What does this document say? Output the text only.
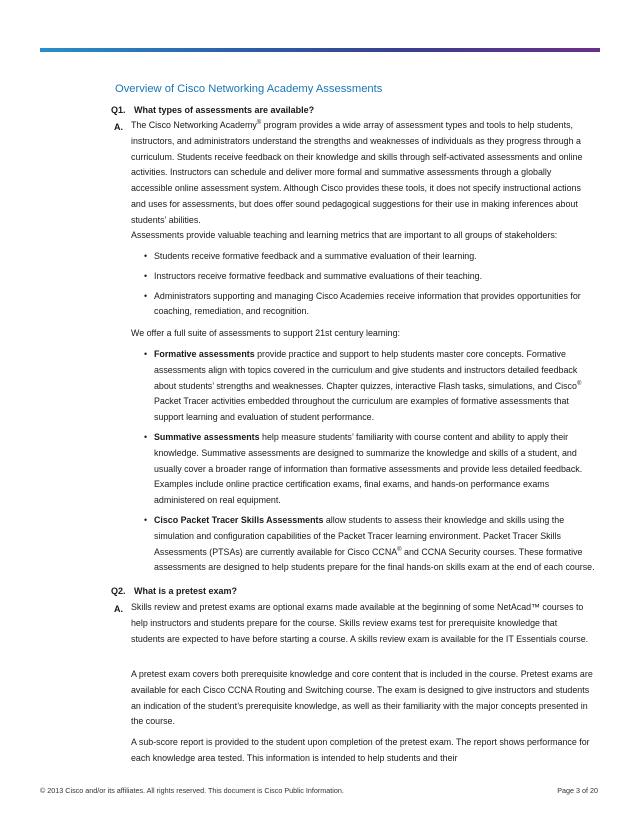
Overview of Cisco Networking Academy Assessments
Q1. What types of assessments are available?
A. The Cisco Networking Academy® program provides a wide array of assessment types and tools to help students, instructors, and administrators understand the strengths and weaknesses of individuals as they progress through a curriculum. Students receive feedback on their knowledge and skills through self-activated assessments and online activities. Instructors can schedule and deliver more formal and summative assessments through a globally accessible online assessment system. Although Cisco provides these tools, it does not specify instructional actions and uses for assessments, but does offer sound pedagogical suggestions for their use in making inferences about students’ abilities.
Assessments provide valuable teaching and learning metrics that are important to all groups of stakeholders:
• Students receive formative feedback and a summative evaluation of their learning.
• Instructors receive formative feedback and summative evaluations of their teaching.
• Administrators supporting and managing Cisco Academies receive information that provides opportunities for coaching, remediation, and recognition.
We offer a full suite of assessments to support 21st century learning:
• Formative assessments provide practice and support to help students master core concepts. Formative assessments align with topics covered in the curriculum and give students and instructors detailed feedback about students’ strengths and weaknesses. Chapter quizzes, interactive Flash tasks, simulations, and Cisco® Packet Tracer activities embedded throughout the curriculum are examples of formative assessments that support learning and evaluation of student performance.
• Summative assessments help measure students’ familiarity with course content and ability to apply their knowledge. Summative assessments are designed to summarize the knowledge and skills of a student, and usually cover a broader range of information than formative assessments and provide less detailed feedback. Examples include online practice certification exams, final exams, and hands-on performance exams administered on real equipment.
• Cisco Packet Tracer Skills Assessments allow students to assess their knowledge and skills using the simulation and configuration capabilities of the Packet Tracer learning environment. Packet Tracer Skills Assessments (PTSAs) are currently available for Cisco CCNA® and CCNA Security courses. These formative assessments are designed to help students prepare for the final hands-on skills exam at the end of each course.
Q2. What is a pretest exam?
A. Skills review and pretest exams are optional exams made available at the beginning of some NetAcad™ courses to help instructors and students prepare for the course. Skills review exams test for prerequisite knowledge that students are expected to have before starting a course. A skills review exam is available for the IT Essentials course.
A pretest exam covers both prerequisite knowledge and core content that is included in the course. Pretest exams are available for each Cisco CCNA Routing and Switching course. The exam is designed to give instructors and students an indication of the student’s prerequisite knowledge, as well as their familiarity with the major concepts presented in the course.
A sub-score report is provided to the student upon completion of the pretest exam. The report shows performance for each knowledge area tested. This information is intended to help students and their
© 2013 Cisco and/or its affiliates. All rights reserved. This document is Cisco Public Information.	Page 3 of 20
